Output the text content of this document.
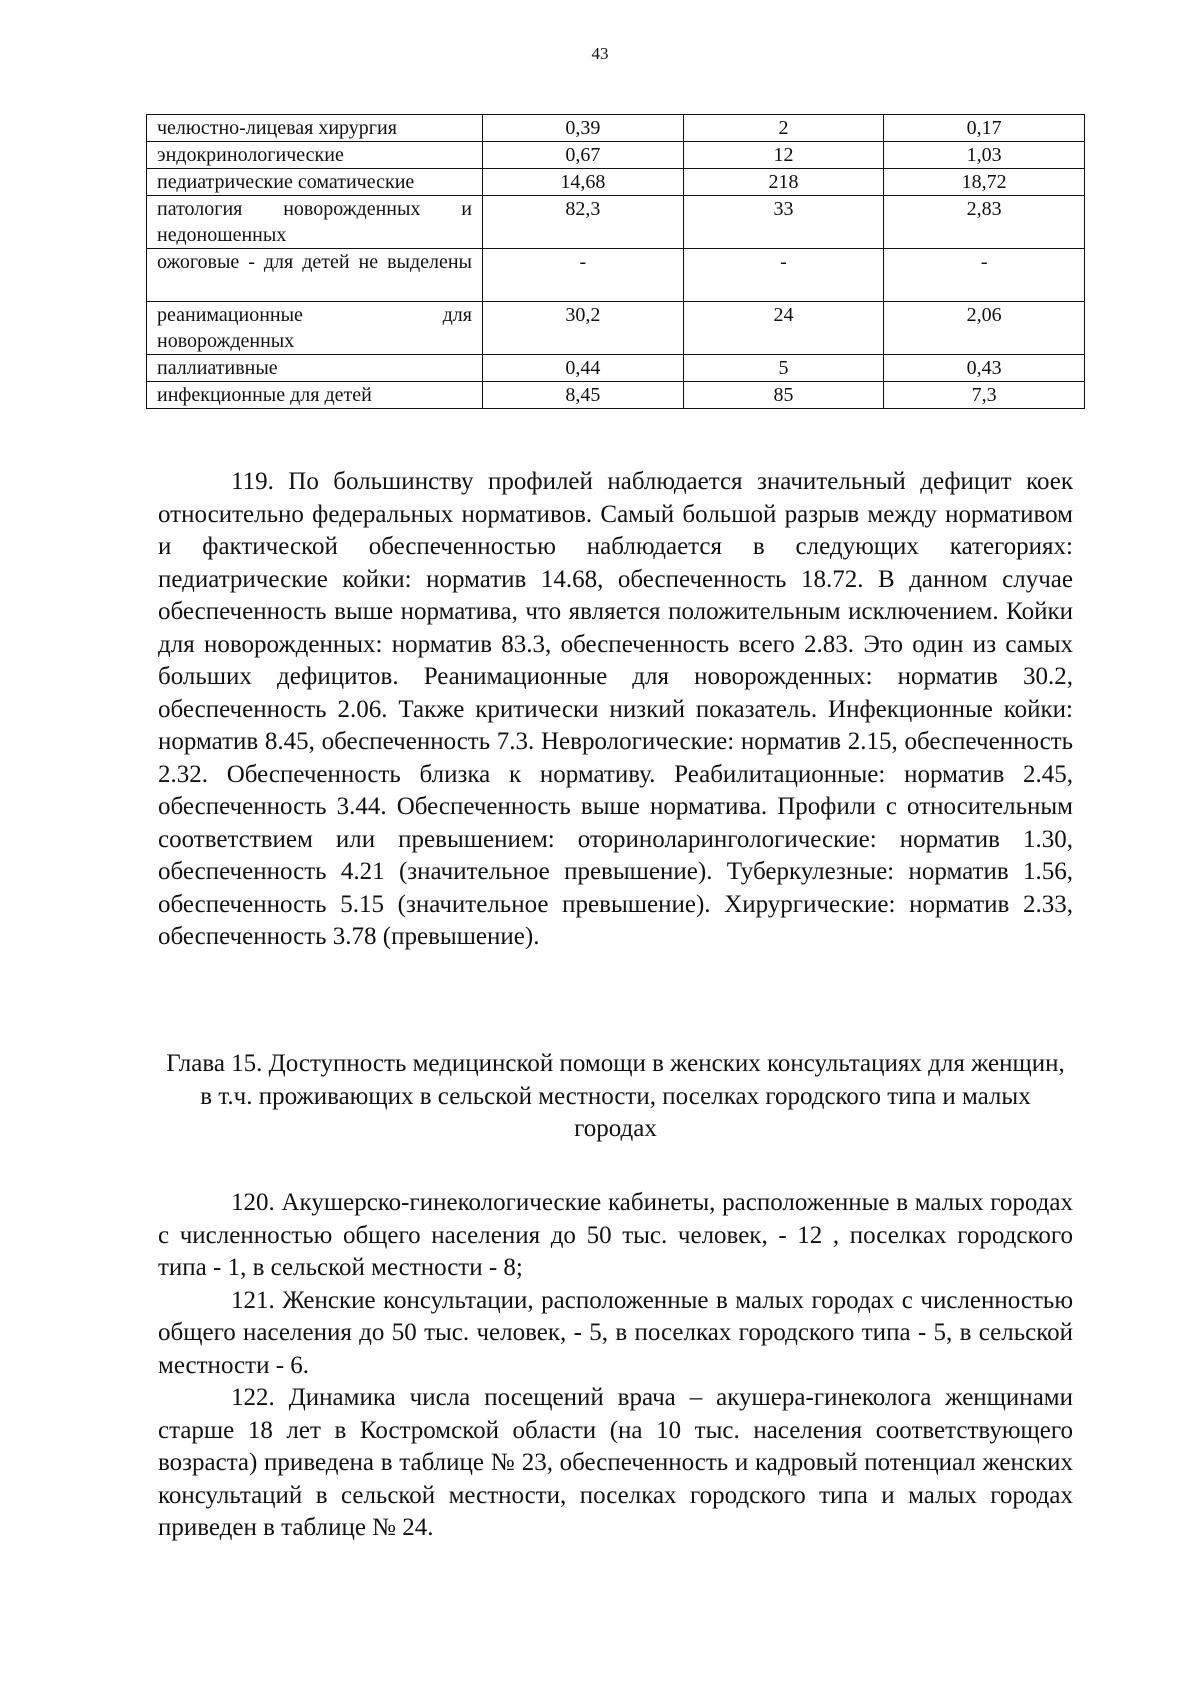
43
челюстно-лицевая хирургия	0,39	2	0,17
эндокринологические	0,67	12	1,03
педиатрические соматические	14,68	218	18,72
патология новорожденных и недоношенных	82,3	33	2,83
ожоговые - для детей не выделены	-	-	-
реанимационные для новорожденных	30,2	24	2,06
паллиативные	0,44	5	0,43
инфекционные для детей	8,45	85	7,3

119. По большинству профилей наблюдается значительный дефицит коек относительно федеральных нормативов. Самый большой разрыв между нормативом и фактической обеспеченностью наблюдается в следующих категориях: педиатрические койки: норматив 14.68, обеспеченность 18.72. В данном случае обеспеченность выше норматива, что является положительным исключением. Койки для новорожденных: норматив 83.3, обеспеченность всего 2.83. Это один из самых больших дефицитов. Реанимационные для новорожденных: норматив 30.2, обеспеченность 2.06. Также критически низкий показатель. Инфекционные койки: норматив 8.45, обеспеченность 7.3. Неврологические: норматив 2.15, обеспеченность 2.32. Обеспеченность близка к нормативу. Реабилитационные: норматив 2.45, обеспеченность 3.44. Обеспеченность выше норматива. Профили с относительным соответствием или превышением: оториноларингологические: норматив 1.30, обеспеченность 4.21 (значительное превышение). Туберкулезные: норматив 1.56, обеспеченность 5.15 (значительное превышение). Хирургические: норматив 2.33, обеспеченность 3.78 (превышение).

Глава 15. Доступность медицинской помощи в женских консультациях для женщин, в т.ч. проживающих в сельской местности, поселках городского типа и малых городах

120. Акушерско-гинекологические кабинеты, расположенные в малых городах с численностью общего населения до 50 тыс. человек, - 12 , поселках городского типа - 1, в сельской местности - 8;

121. Женские консультации, расположенные в малых городах с численностью общего населения до 50 тыс. человек, - 5, в поселках городского типа - 5, в сельской местности - 6.

122. Динамика числа посещений врача – акушера-гинеколога женщинами старше 18 лет в Костромской области (на 10 тыс. населения соответствующего возраста) приведена в таблице № 23, обеспеченность и кадровый потенциал женских консультаций в сельской местности, поселках городского типа и малых городах приведен в таблице № 24.
